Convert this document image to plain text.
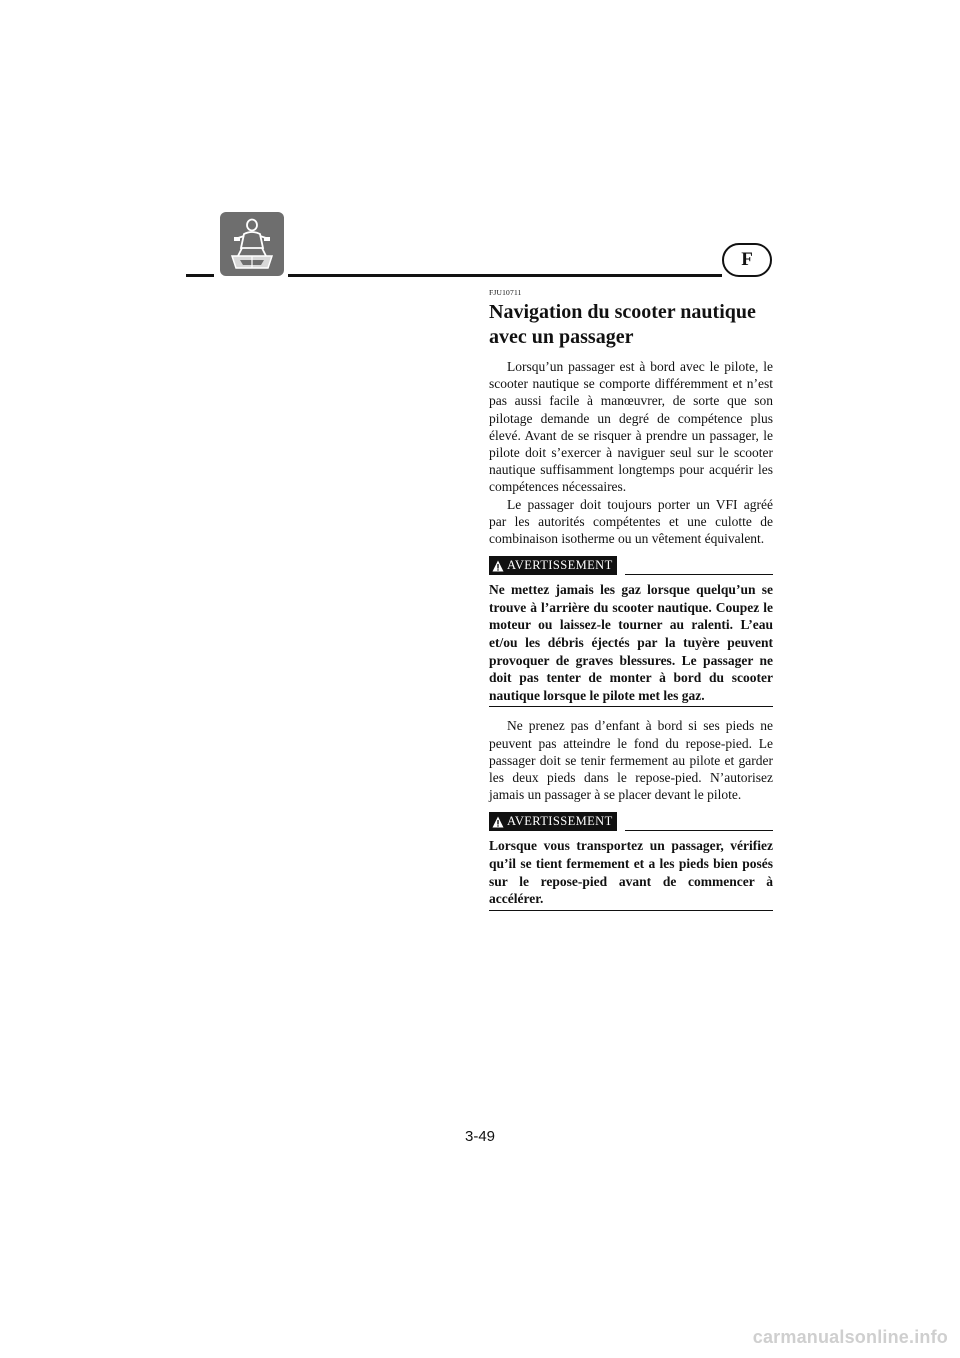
F

FJU10711

Navigation du scooter nautique
avec un passager

Lorsqu’un passager est à bord avec le pilote, le scooter nautique se comporte différemment et n’est pas aussi facile à manœuvrer, de sorte que son pilotage demande un degré de compétence plus élevé. Avant de se risquer à prendre un passager, le pilote doit s’exercer à naviguer seul sur le scooter nautique suffisamment longtemps pour acquérir les compétences nécessaires.

Le passager doit toujours porter un VFI agréé par les autorités compétentes et une culotte de combinaison isotherme ou un vêtement équivalent.

AVERTISSEMENT

Ne mettez jamais les gaz lorsque quelqu’un se trouve à l’arrière du scooter nautique. Coupez le moteur ou laissez-le tourner au ralenti. L’eau et/ou les débris éjectés par la tuyère peuvent provoquer de graves blessures. Le passager ne doit pas tenter de monter à bord du scooter nautique lorsque le pilote met les gaz.

Ne prenez pas d’enfant à bord si ses pieds ne peuvent pas atteindre le fond du repose-pied. Le passager doit se tenir fermement au pilote et garder les deux pieds dans le repose-pied. N’autorisez jamais un passager à se placer devant le pilote.

AVERTISSEMENT

Lorsque vous transportez un passager, vérifiez qu’il se tient fermement et a les pieds bien posés sur le repose-pied avant de commencer à accélérer.

3-49
carmanualsonline.info
